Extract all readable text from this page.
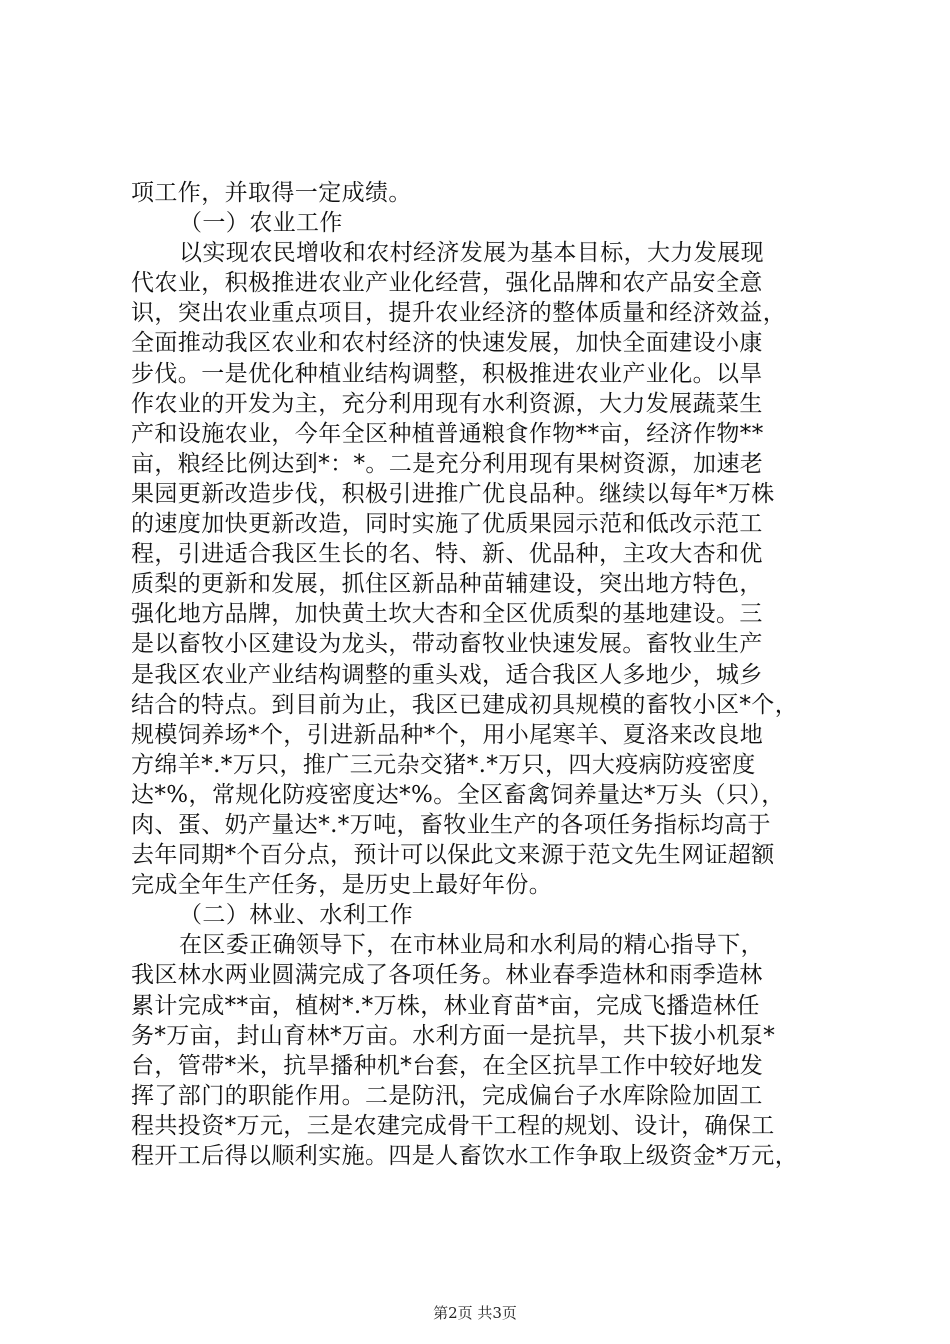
项工作，并取得一定成绩。
（一）农业工作
以实现农民增收和农村经济发展为基本目标，大力发展现
代农业，积极推进农业产业化经营，强化品牌和农产品安全意
识，突出农业重点项目，提升农业经济的整体质量和经济效益，
全面推动我区农业和农村经济的快速发展，加快全面建设小康
步伐。一是优化种植业结构调整，积极推进农业产业化。以旱
作农业的开发为主，充分利用现有水利资源，大力发展蔬菜生
产和设施农业，今年全区种植普通粮食作物**亩，经济作物**
亩，粮经比例达到*：*。二是充分利用现有果树资源，加速老
果园更新改造步伐，积极引进推广优良品种。继续以每年*万株
的速度加快更新改造，同时实施了优质果园示范和低改示范工
程，引进适合我区生长的名、特、新、优品种，主攻大杏和优
质梨的更新和发展，抓住区新品种苗辅建设，突出地方特色，
强化地方品牌，加快黄土坎大杏和全区优质梨的基地建设。三
是以畜牧小区建设为龙头，带动畜牧业快速发展。畜牧业生产
是我区农业产业结构调整的重头戏，适合我区人多地少，城乡
结合的特点。到目前为止，我区已建成初具规模的畜牧小区*个，
规模饲养场*个，引进新品种*个，用小尾寒羊、夏洛来改良地
方绵羊*.*万只，推广三元杂交猪*.*万只，四大疫病防疫密度
达*%，常规化防疫密度达*%。全区畜禽饲养量达*万头（只），
肉、蛋、奶产量达*.*万吨，畜牧业生产的各项任务指标均高于
去年同期*个百分点，预计可以保此文来源于范文先生网证超额
完成全年生产任务，是历史上最好年份。
（二）林业、水利工作
在区委正确领导下，在市林业局和水利局的精心指导下，
我区林水两业圆满完成了各项任务。林业春季造林和雨季造林
累计完成**亩，植树*.*万株，林业育苗*亩，完成飞播造林任
务*万亩，封山育林*万亩。水利方面一是抗旱，共下拔小机泵*
台，管带*米，抗旱播种机*台套，在全区抗旱工作中较好地发
挥了部门的职能作用。二是防汛，完成偏台子水库除险加固工
程共投资*万元，三是农建完成骨干工程的规划、设计，确保工
程开工后得以顺利实施。四是人畜饮水工作争取上级资金*万元，
第2页 共3页
